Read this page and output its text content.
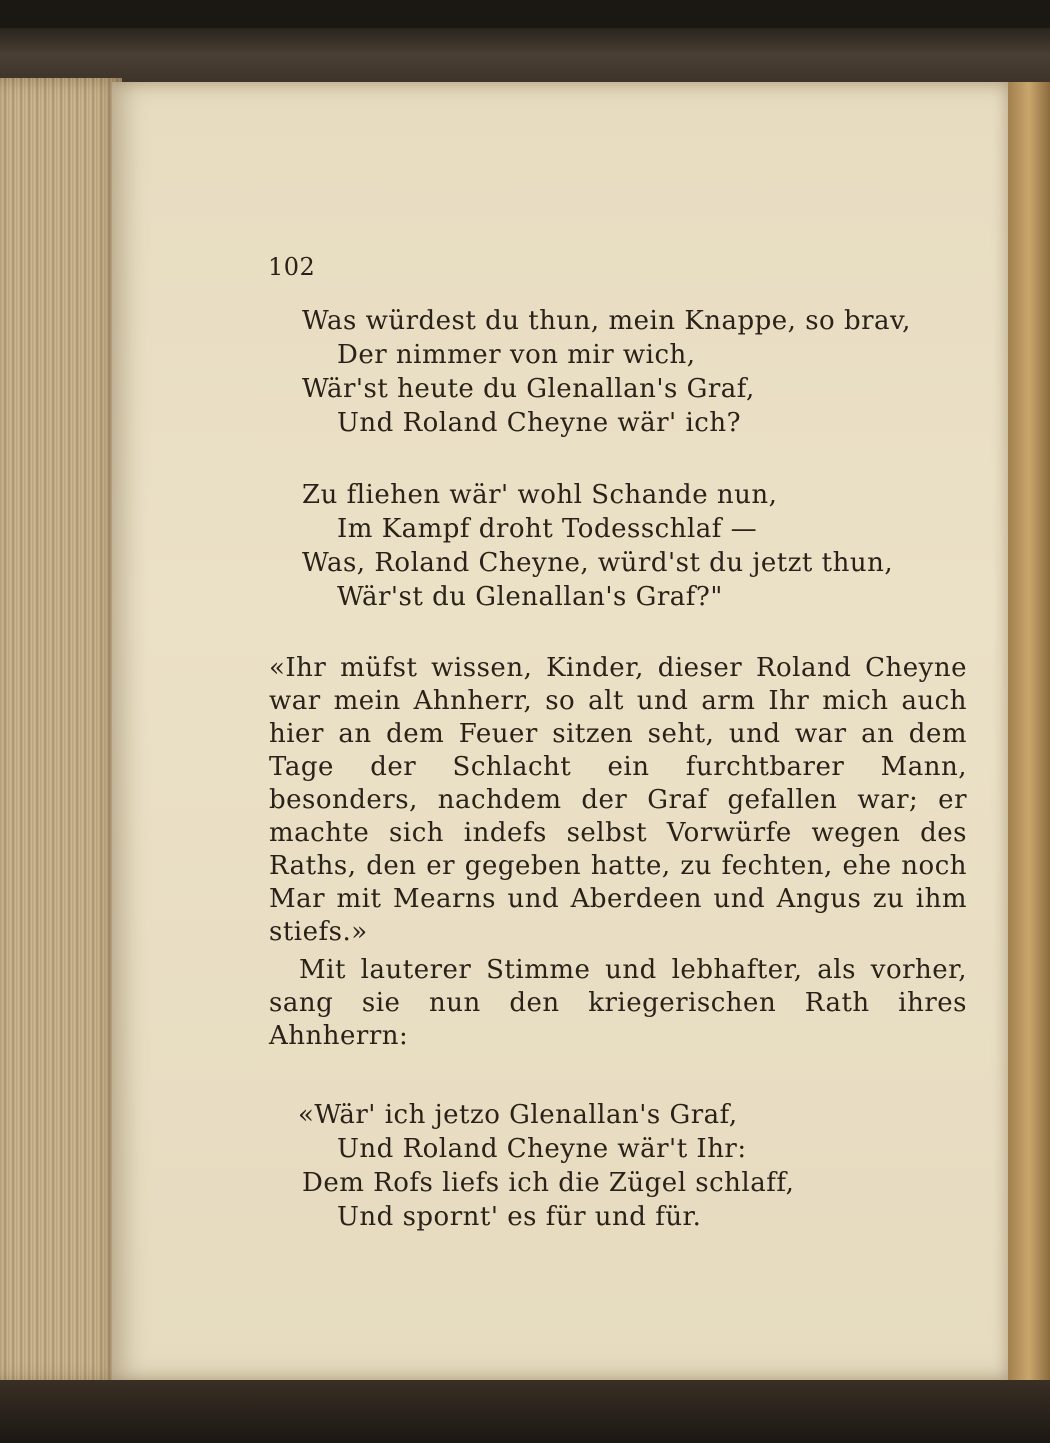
102
Was würdest du thun, mein Knappe, so brav,
Der nimmer von mir wich,
Wär'st heute du Glenallan's Graf,
Und Roland Cheyne wär' ich?
Zu fliehen wär' wohl Schande nun,
Im Kampf droht Todesschlaf —
Was, Roland Cheyne, würd'st du jetzt thun,
Wär'st du Glenallan's Graf?"

«Ihr müfst wissen, Kinder, dieser Roland Cheyne war mein Ahnherr, so alt und arm Ihr mich auch hier an dem Feuer sitzen seht, und war an dem Tage der Schlacht ein furchtbarer Mann, besonders, nachdem der Graf gefallen war; er machte sich indefs selbst Vorwürfe wegen des Raths, den er gegeben hatte, zu fechten, ehe noch Mar mit Mearns und Aberdeen und Angus zu ihm stiefs.»

Mit lauterer Stimme und lebhafter, als vorher, sang sie nun den kriegerischen Rath ihres Ahnherrn:

«Wär' ich jetzo Glenallan's Graf,
Und Roland Cheyne wär't Ihr:
Dem Rofs liefs ich die Zügel schlaff,
Und spornt' es für und für.
